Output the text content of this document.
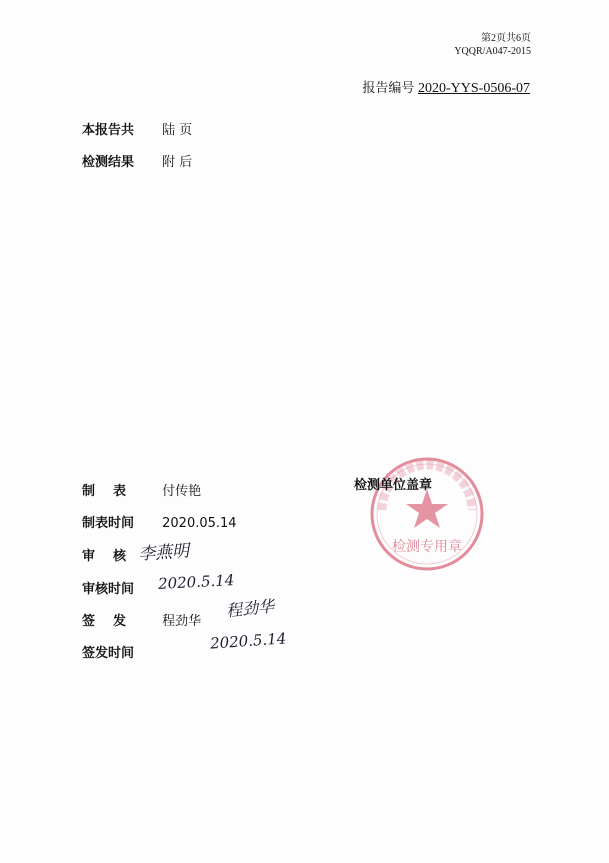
第2页共6页
YQQR/A047-2015
报告编号 2020-YYS-0506-07
本报告共 陆 页
检测结果 附 后
制表 付传艳
制表时间 2020.05.14
审核
审核时间
签发 程劲华
签发时间
李燕明
2020.5.14
程劲华
2020.5.14
检测专用章
检测单位盖章
